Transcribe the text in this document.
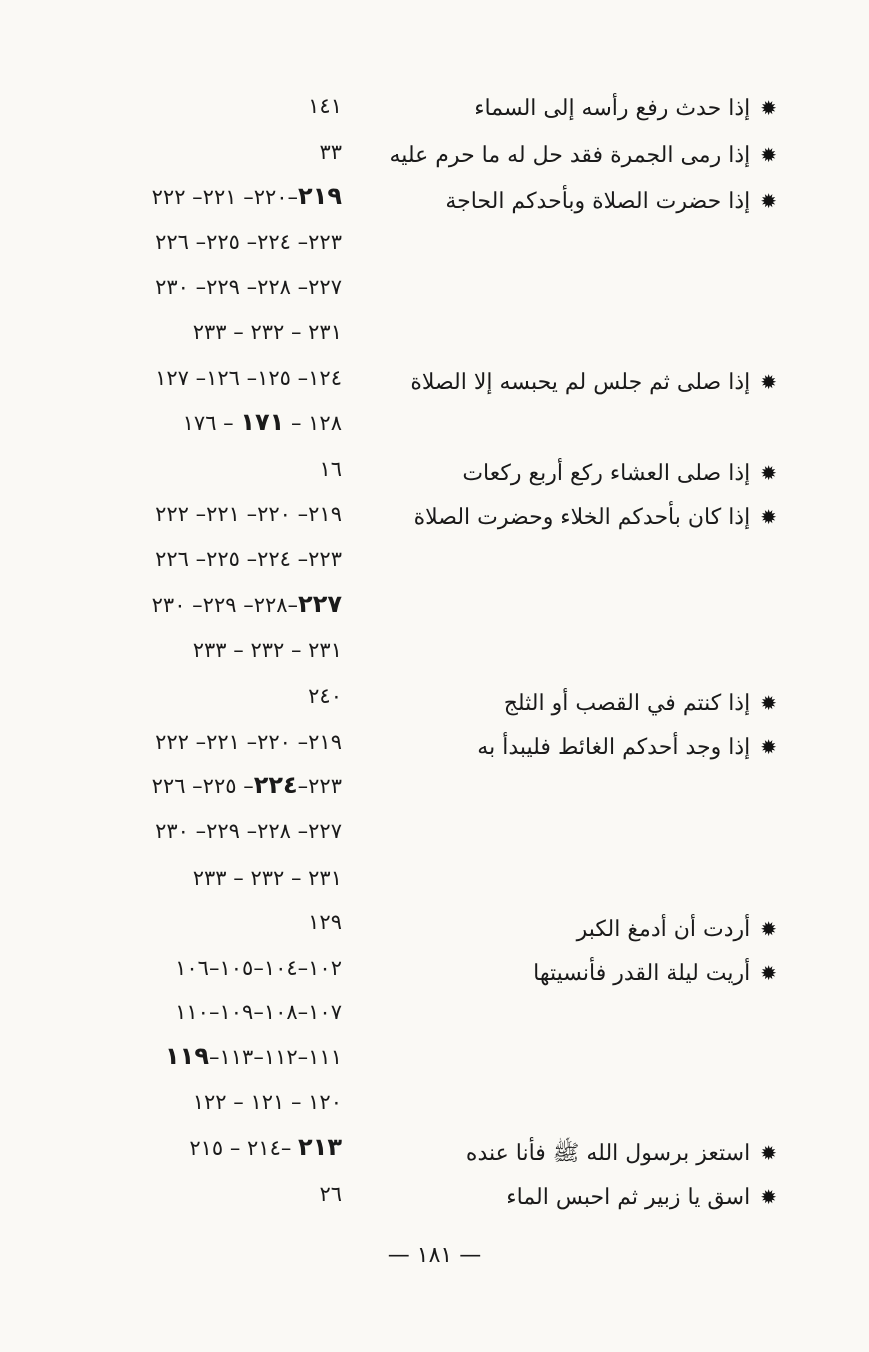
✹إذا حدث رفع رأسه إلى السماء
✹إذا رمى الجمرة فقد حل له ما حرم عليه
✹إذا حضرت الصلاة وبأحدكم الحاجة
✹إذا صلى ثم جلس لم يحبسه إلا الصلاة
✹إذا صلى العشاء ركع أربع ركعات
✹إذا كان بأحدكم الخلاء وحضرت الصلاة
✹إذا كنتم في القصب أو الثلج
✹إذا وجد أحدكم الغائط فليبدأ به
✹أردت أن أدمغ الكبر
✹أريت ليلة القدر فأنسيتها
✹استعز برسول الله ﷺ فأنا عنده
✹اسق يا زبير ثم احبس الماء
١٤١
٣٣
٢١٩–٢٢٠– ٢٢١– ٢٢٢
٢٢٣– ٢٢٤– ٢٢٥– ٢٢٦
٢٢٧– ٢٢٨– ٢٢٩– ٢٣٠
٢٣١ – ٢٣٢ – ٢٣٣
١٢٤– ١٢٥– ١٢٦– ١٢٧
١٢٨ – ١٧١ – ١٧٦
١٦
٢١٩– ٢٢٠– ٢٢١– ٢٢٢
٢٢٣– ٢٢٤– ٢٢٥– ٢٢٦
٢٢٧–٢٢٨– ٢٢٩– ٢٣٠
٢٣١ – ٢٣٢ – ٢٣٣
٢٤٠
٢١٩– ٢٢٠– ٢٢١– ٢٢٢
٢٢٣–٢٢٤– ٢٢٥– ٢٢٦
٢٢٧– ٢٢٨– ٢٢٩– ٢٣٠
٢٣١ – ٢٣٢ – ٢٣٣
١٢٩
١٠٢–١٠٤–١٠٥–١٠٦
١٠٧–١٠٨–١٠٩–١١٠
١١١–١١٢–١١٣–١١٩
١٢٠ – ١٢١ – ١٢٢
٢١٣ –٢١٤ – ٢١٥
٢٦
— ١٨١ —
